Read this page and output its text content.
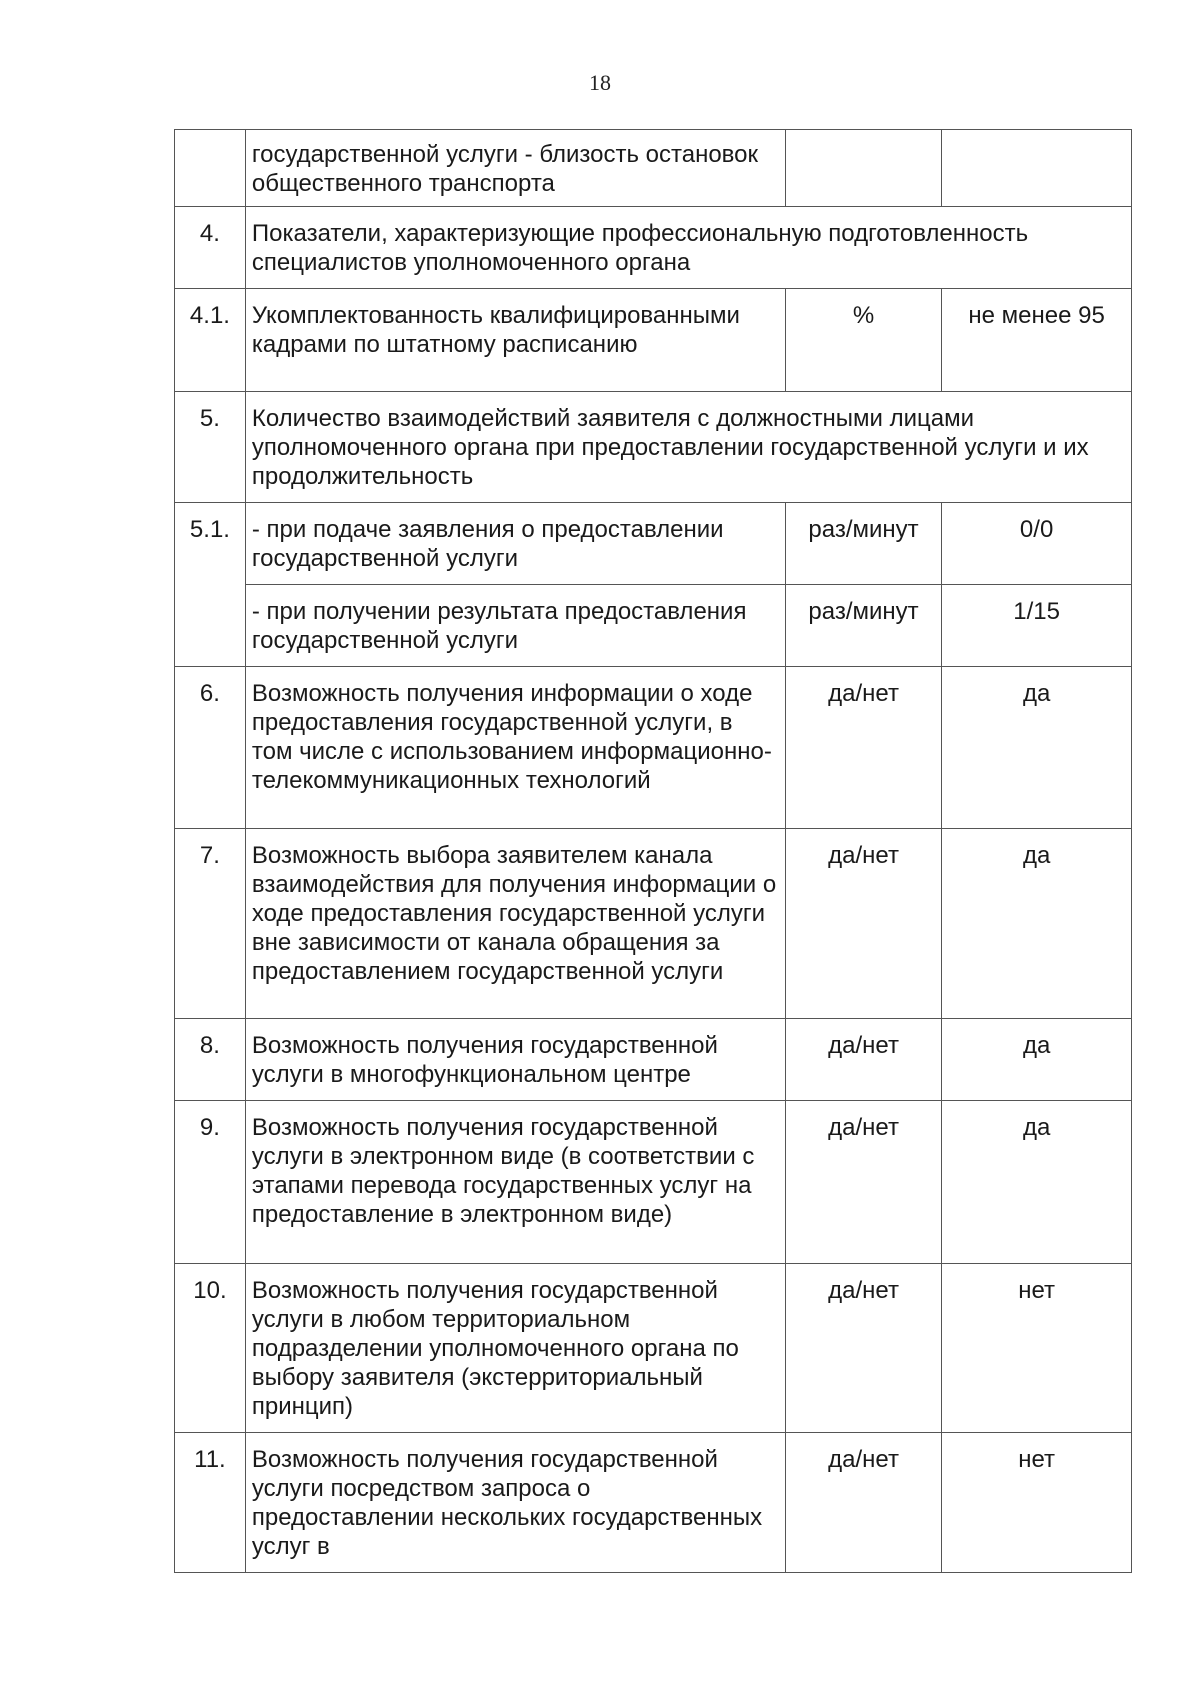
18
	государственной услуги - близость остановок общественного транспорта		
4.	Показатели, характеризующие профессиональную подготовленность специалистов уполномоченного органа		
4.1.	Укомплектованность квалифицированными кадрами по штатному расписанию	%	не менее 95
5.	Количество взаимодействий заявителя с должностными лицами уполномоченного органа при предоставлении государственной услуги и их продолжительность		
5.1.	- при подаче заявления о предоставлении государственной услуги	раз/минут	0/0
	- при получении результата предоставления государственной услуги	раз/минут	1/15
6.	Возможность получения информации о ходе предоставления государственной услуги, в том числе с использованием информационно-телекоммуникационных технологий	да/нет	да
7.	Возможность выбора заявителем канала взаимодействия для получения информации о ходе предоставления государственной услуги вне зависимости от канала обращения за предоставлением государственной услуги	да/нет	да
8.	Возможность получения государственной услуги в многофункциональном центре	да/нет	да
9.	Возможность получения государственной услуги в электронном виде (в соответствии с этапами перевода государственных услуг на предоставление в электронном виде)	да/нет	да
10.	Возможность получения государственной услуги в любом территориальном подразделении уполномоченного органа по выбору заявителя (экстерриториальный принцип)	да/нет	нет
11.	Возможность получения государственной услуги посредством запроса о предоставлении нескольких государственных услуг в	да/нет	нет
